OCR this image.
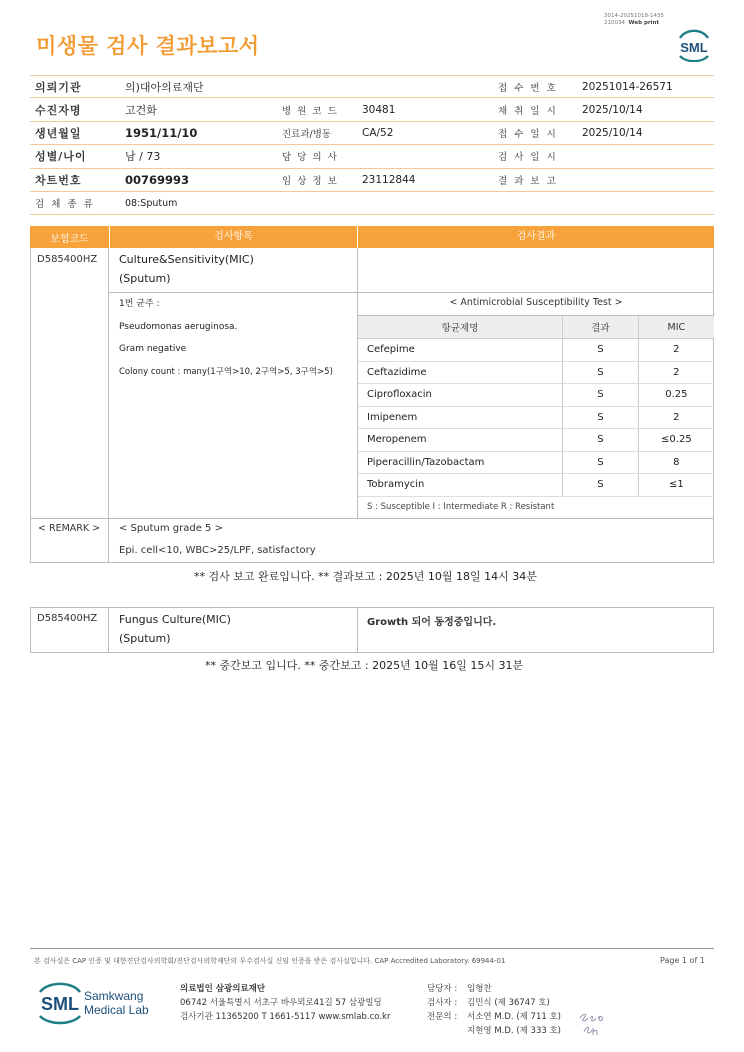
미생물 검사 결과보고서
3014-20251018-1435
210034 Web print
SML
의뢰기관	의)대아의료재단	접 수 번 호	20251014-26571
수진자명	고건화	병 원 코 드	30481	채 취 일 시	2025/10/14
생년월일	1951/11/10	진료과/병동	CA/52	접 수 일 시	2025/10/14
성별/나이	남 / 73	담 당 의 사	검 사 일 시
차트번호	00769993	임 상 정 보	23112844	결 과 보 고
검 체 종 류	08:Sputum
보험코드	검사항목	검사결과
D585400HZ Culture&Sensitivity(MIC)
(Sputum)
1번 균주 :
Pseudomonas aeruginosa.
Gram negative
Colony count : many(1구역>10, 2구역>5, 3구역>5)
< Antimicrobial Susceptibility Test >
항균제명	결과	MIC
Cefepime	S	2
Ceftazidime	S	2
Ciprofloxacin	S	0.25
Imipenem	S	2
Meropenem	S	≤0.25
Piperacillin/Tazobactam	S	8
Tobramycin	S	≤1
S : Susceptible I : Intermediate R : Resistant
< REMARK > < Sputum grade 5 >
Epi. cell<10, WBC>25/LPF, satisfactory
** 검사 보고 완료입니다. ** 결과보고 : 2025년 10월 18일 14시 34분
D585400HZ Fungus Culture(MIC)
(Sputum)
Growth 되어 동정중입니다.
** 중간보고 입니다. ** 중간보고 : 2025년 10월 16일 15시 31분
본 검사실은 CAP 인증 및 대한진단검사의학회/진단검사의학재단의 우수검사실 신임 인증을 받은 검사실입니다. CAP Accredited Laboratory. 69944-01	Page 1 of 1
SML Samkwang
Medical Lab
의료법인 삼광의료재단
06742 서울특별시 서초구 바우뫼로41길 57 삼광빌딩
검사기관 11365200 T 1661-5117 www.smlab.co.kr
담당자 :	임형찬
검사자 :	김민식 (제 36747 호)
전문의 :	서소연 M.D. (제 711 호)
지현영 M.D. (제 333 호)
